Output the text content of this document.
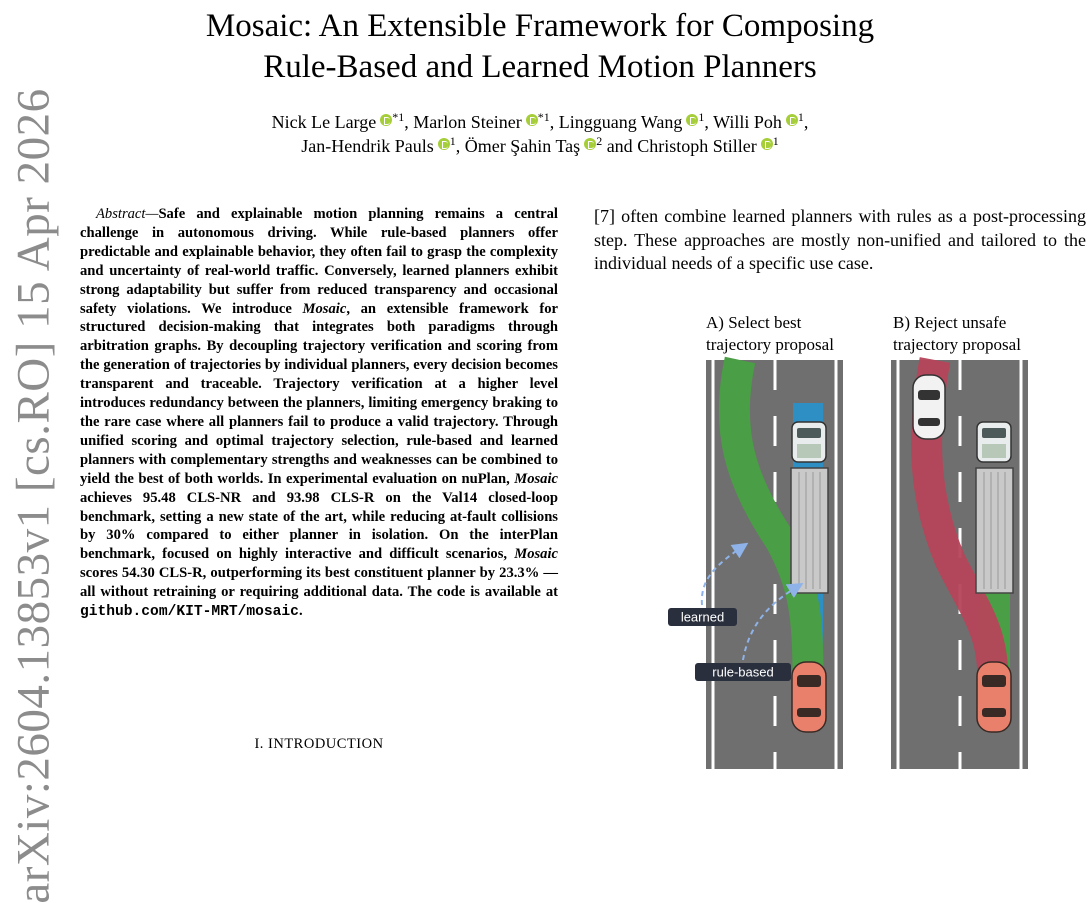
arXiv:2604.13853v1 [cs.RO] 15 Apr 2026
Mosaic: An Extensible Framework for Composing
Rule-Based and Learned Motion Planners
Nick Le Large $^{*1}$, Marlon Steiner $^{*1}$, Lingguang Wang $^1$, Willi Poh $^1$,
Jan-Hendrik Pauls $^1$, Ömer Şahin Taş $^2$ and Christoph Stiller $^1$

Abstract—Safe and explainable motion planning remains a central challenge in autonomous driving. While rule-based planners offer predictable and explainable behavior, they often fail to grasp the complexity and uncertainty of real-world traffic. Conversely, learned planners exhibit strong adaptability but suffer from reduced transparency and occasional safety violations. We introduce Mosaic, an extensible framework for structured decision-making that integrates both paradigms through arbitration graphs. By decoupling trajectory verification and scoring from the generation of trajectories by individual planners, every decision becomes transparent and traceable. Trajectory verification at a higher level introduces redundancy between the planners, limiting emergency braking to the rare case where all planners fail to produce a valid trajectory. Through unified scoring and optimal trajectory selection, rule-based and learned planners with complementary strengths and weaknesses can be combined to yield the best of both worlds. In experimental evaluation on nuPlan, Mosaic achieves 95.48 CLS-NR and 93.98 CLS-R on the Val14 closed-loop benchmark, setting a new state of the art, while reducing at-fault collisions by 30% compared to either planner in isolation. On the interPlan benchmark, focused on highly interactive and difficult scenarios, Mosaic scores 54.30 CLS-R, outperforming its best constituent planner by 23.3% — all without retraining or requiring additional data. The code is available at github.com/KIT-MRT/mosaic.

I. INTRODUCTION

[7] often combine learned planners with rules as a post-processing step. These approaches are mostly non-unified and tailored to the individual needs of a specific use case.

A) Select best
trajectory proposal
B) Reject unsafe
trajectory proposal
learned
rule-based
